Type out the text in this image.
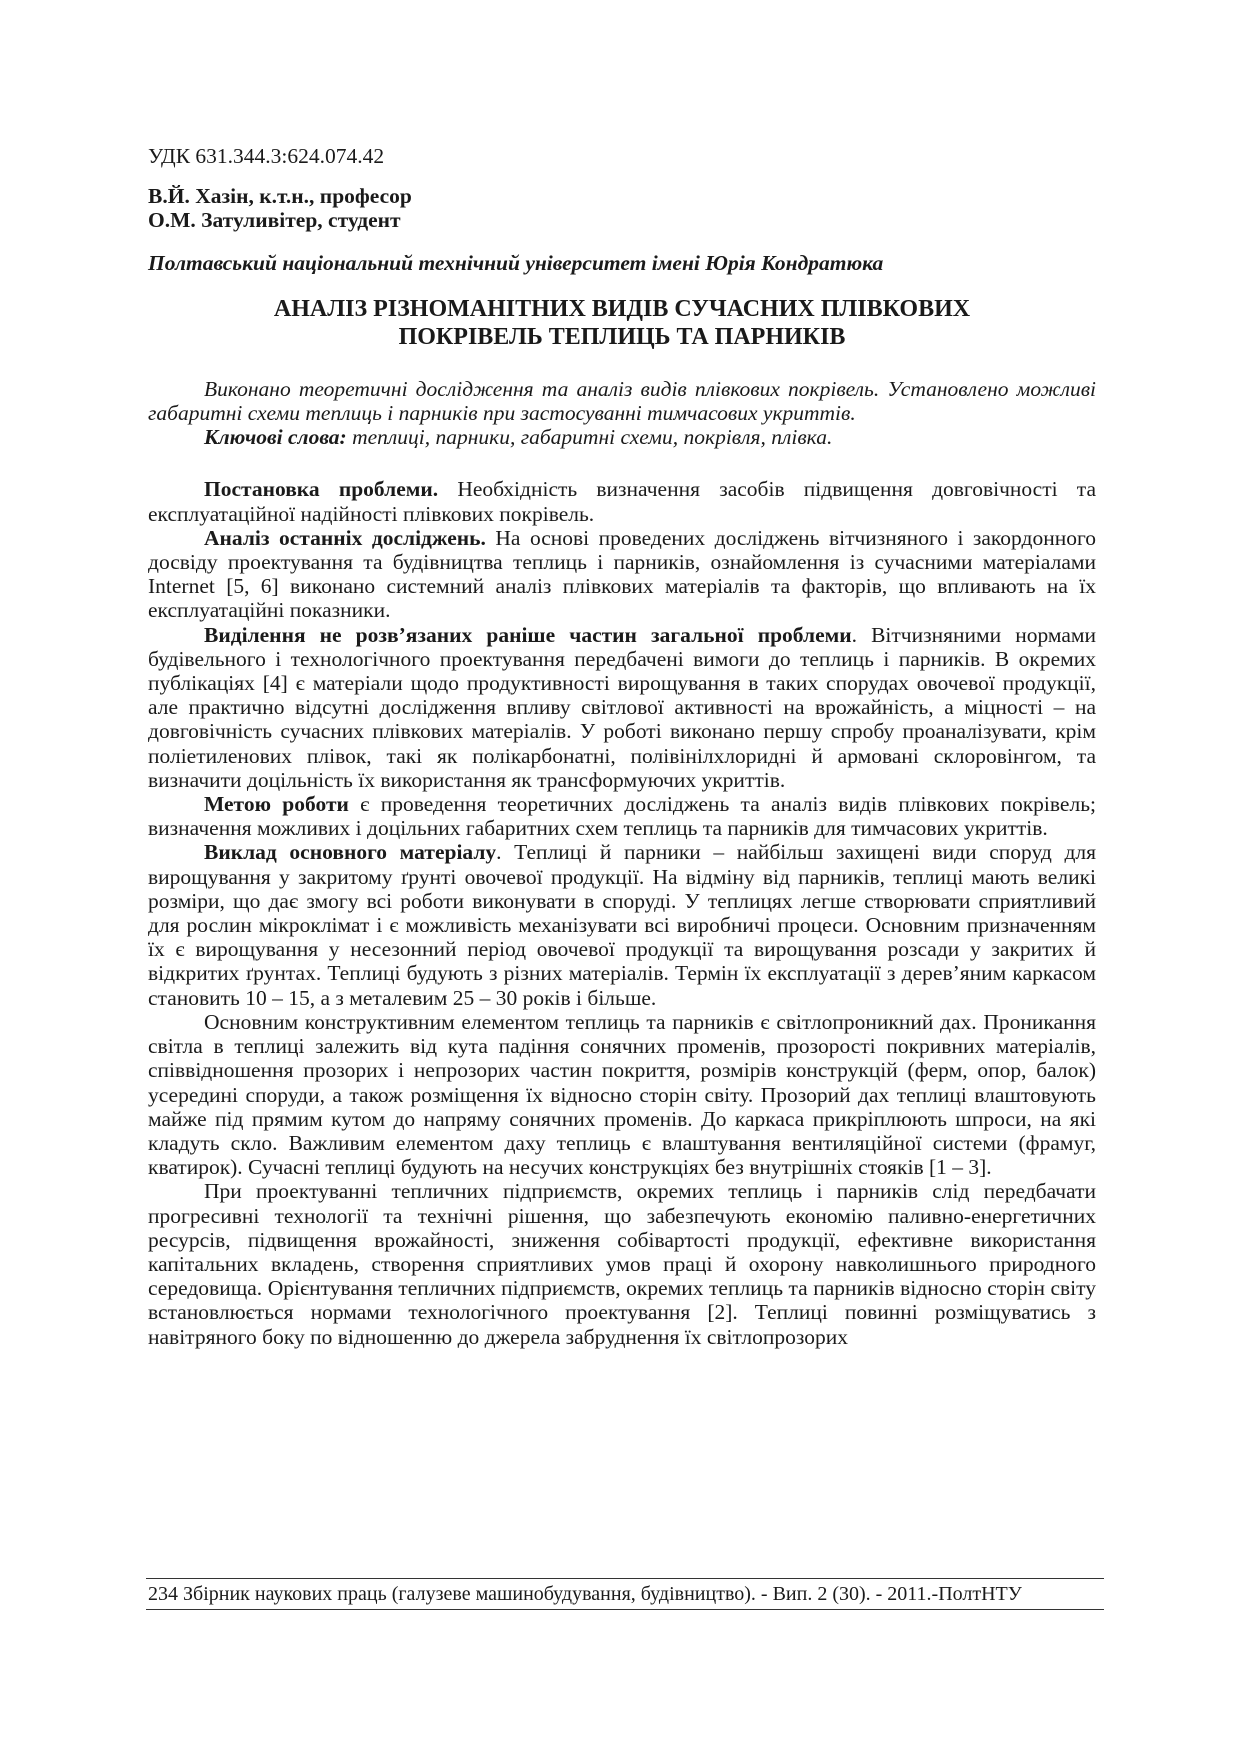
УДК 631.344.3:624.074.42

В.Й. Хазін, к.т.н., професор

О.М. Затуливітер, студент

Полтавський національний технічний університет імені Юрія Кондратюка

АНАЛІЗ РІЗНОМАНІТНИХ ВИДІВ СУЧАСНИХ ПЛІВКОВИХ
ПОКРІВЕЛЬ ТЕПЛИЦЬ ТА ПАРНИКІВ

Виконано теоретичні дослідження та аналіз видів плівкових покрівель. Установлено можливі габаритні схеми теплиць і парників при застосуванні тимчасових укриттів.

Ключові слова: теплиці, парники, габаритні схеми, покрівля, плівка.

Постановка проблеми. Необхідність визначення засобів підвищення довговічності та експлуатаційної надійності плівкових покрівель.

Аналіз останніх досліджень. На основі проведених досліджень вітчизняного і закордонного досвіду проектування та будівництва теплиць і парників, ознайомлення із сучасними матеріалами Internet [5, 6] виконано системний аналіз плівкових матеріалів та факторів, що впливають на їх експлуатаційні показники.

Виділення не розв’язаних раніше частин загальної проблеми. Вітчизняними нормами будівельного і технологічного проектування передбачені вимоги до теплиць і парників. В окремих публікаціях [4] є матеріали щодо продуктивності вирощування в таких спорудах овочевої продукції, але практично відсутні дослідження впливу світлової активності на врожайність, а міцності – на довговічність сучасних плівкових матеріалів. У роботі виконано першу спробу проаналізувати, крім поліетиленових плівок, такі як полікарбонатні, полівінілхлоридні й армовані склоровінгом, та визначити доцільність їх використання як трансформуючих укриттів.

Метою роботи є проведення теоретичних досліджень та аналіз видів плівкових покрівель; визначення можливих і доцільних габаритних схем теплиць та парників для тимчасових укриттів.

Виклад основного матеріалу. Теплиці й парники – найбільш захищені види споруд для вирощування у закритому ґрунті овочевої продукції. На відміну від парників, теплиці мають великі розміри, що дає змогу всі роботи виконувати в споруді. У теплицях легше створювати сприятливий для рослин мікроклімат і є можливість механізувати всі виробничі процеси. Основним призначенням їх є вирощування у несезонний період овочевої продукції та вирощування розсади у закритих й відкритих ґрунтах. Теплиці будують з різних матеріалів. Термін їх експлуатації з дерев’яним каркасом становить 10 – 15, а з металевим 25 – 30 років і більше.

Основним конструктивним елементом теплиць та парників є світлопроникний дах. Проникання світла в теплиці залежить від кута падіння сонячних променів, прозорості покривних матеріалів, співвідношення прозорих і непрозорих частин покриття, розмірів конструкцій (ферм, опор, балок) усередині споруди, а також розміщення їх відносно сторін світу. Прозорий дах теплиці влаштовують майже під прямим кутом до напряму сонячних променів. До каркаса прикріплюють шпроси, на які кладуть скло. Важливим елементом даху теплиць є влаштування вентиляційної системи (фрамуг, кватирок). Сучасні теплиці будують на несучих конструкціях без внутрішніх стояків [1 – 3].

При проектуванні тепличних підприємств, окремих теплиць і парників слід передбачати прогресивні технології та технічні рішення, що забезпечують економію паливно-енергетичних ресурсів, підвищення врожайності, зниження собівартості продукції, ефективне використання капітальних вкладень, створення сприятливих умов праці й охорону навколишнього природного середовища. Орієнтування тепличних підприємств, окремих теплиць та парників відносно сторін світу встановлюється нормами технологічного проектування [2]. Теплиці повинні розміщуватись з навітряного боку по відношенню до джерела забруднення їх світлопрозорих

234 Збірник наукових праць (галузеве машинобудування, будівництво). - Вип. 2 (30). - 2011.-ПолтНТУ
